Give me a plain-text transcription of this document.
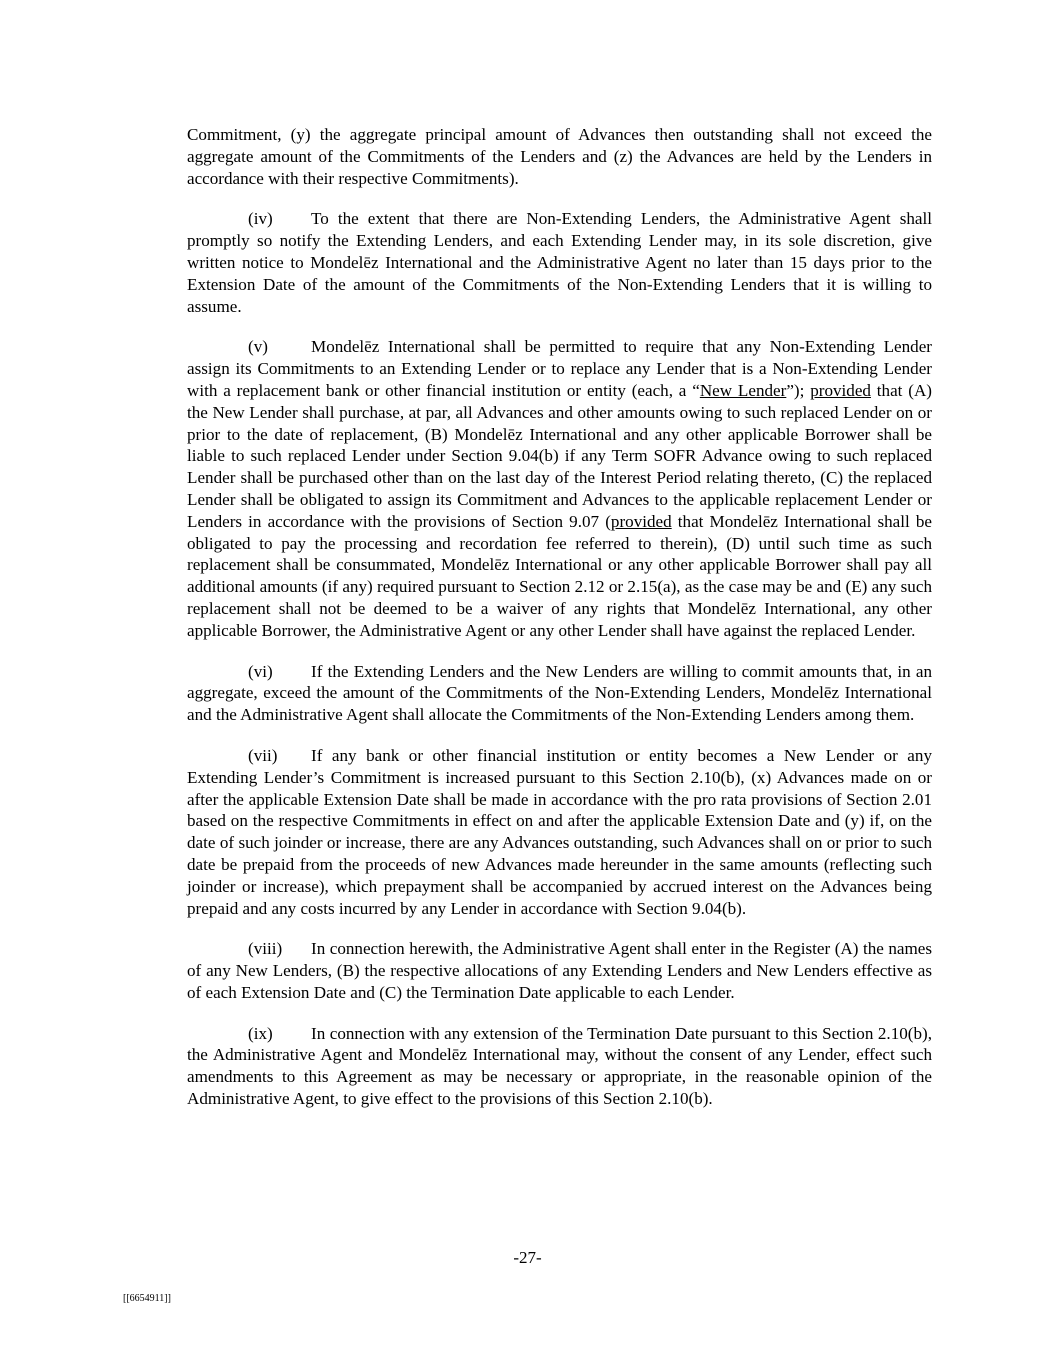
Commitment, (y) the aggregate principal amount of Advances then outstanding shall not exceed the aggregate amount of the Commitments of the Lenders and (z) the Advances are held by the Lenders in accordance with their respective Commitments).

(iv) To the extent that there are Non-Extending Lenders, the Administrative Agent shall promptly so notify the Extending Lenders, and each Extending Lender may, in its sole discretion, give written notice to Mondelēz International and the Administrative Agent no later than 15 days prior to the Extension Date of the amount of the Commitments of the Non-Extending Lenders that it is willing to assume.

(v)	Mondelēz International shall be permitted to require that any Non-Extending Lender assign its Commitments to an Extending Lender or to replace any Lender that is a Non-Extending Lender with a replacement bank or other financial institution or entity (each, a “New Lender”); provided that (A) the New Lender shall purchase, at par, all Advances and other amounts owing to such replaced Lender on or prior to the date of replacement, (B) Mondelēz International and any other applicable Borrower shall be liable to such replaced Lender under Section 9.04(b) if any Term SOFR Advance owing to such replaced Lender shall be purchased other than on the last day of the Interest Period relating thereto, (C) the replaced Lender shall be obligated to assign its Commitment and Advances to the applicable replacement Lender or Lenders in accordance with the provisions of Section 9.07 (provided that Mondelēz International shall be obligated to pay the processing and recordation fee referred to therein), (D) until such time as such replacement shall be consummated, Mondelēz International or any other applicable Borrower shall pay all additional amounts (if any) required pursuant to Section 2.12 or 2.15(a), as the case may be and (E) any such replacement shall not be deemed to be a waiver of any rights that Mondelēz International, any other applicable Borrower, the Administrative Agent or any other Lender shall have against the replaced Lender.

(vi) If the Extending Lenders and the New Lenders are willing to commit amounts that, in an aggregate, exceed the amount of the Commitments of the Non-Extending Lenders, Mondelēz International and the Administrative Agent shall allocate the Commitments of the Non-Extending Lenders among them.

(vii) If any bank or other financial institution or entity becomes a New Lender or any Extending Lender’s Commitment is increased pursuant to this Section 2.10(b), (x) Advances made on or after the applicable Extension Date shall be made in accordance with the pro rata provisions of Section 2.01 based on the respective Commitments in effect on and after the applicable Extension Date and (y) if, on the date of such joinder or increase, there are any Advances outstanding, such Advances shall on or prior to such date be prepaid from the proceeds of new Advances made hereunder in the same amounts (reflecting such joinder or increase), which prepayment shall be accompanied by accrued interest on the Advances being prepaid and any costs incurred by any Lender in accordance with Section 9.04(b).

(viii) In connection herewith, the Administrative Agent shall enter in the Register (A) the names of any New Lenders, (B) the respective allocations of any Extending Lenders and New Lenders effective as of each Extension Date and (C) the Termination Date applicable to each Lender.

(ix) In connection with any extension of the Termination Date pursuant to this Section 2.10(b), the Administrative Agent and Mondelēz International may, without the consent of any Lender, effect such amendments to this Agreement as may be necessary or appropriate, in the reasonable opinion of the Administrative Agent, to give effect to the provisions of this Section 2.10(b).

-27-
[[6654911]]
